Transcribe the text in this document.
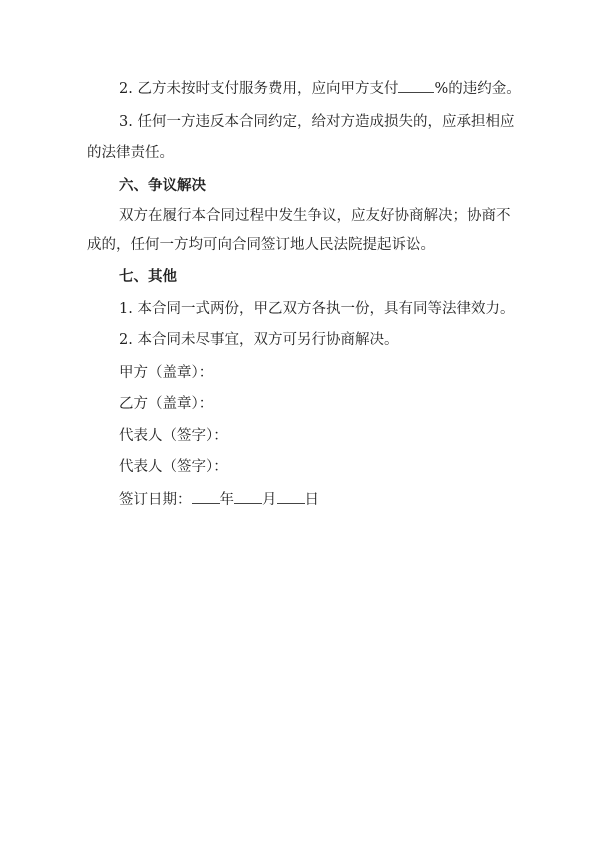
2. 乙方未按时支付服务费用，应向甲方支付 %的违约金。
3. 任何一方违反本合同约定，给对方造成损失的，应承担相应
的法律责任。
六、争议解决
双方在履行本合同过程中发生争议，应友好协商解决；协商不
成的，任何一方均可向合同签订地人民法院提起诉讼。
七、其他
1. 本合同一式两份，甲乙双方各执一份，具有同等法律效力。
2. 本合同未尽事宜，双方可另行协商解决。
甲方（盖章）：
乙方（盖章）：
代表人（签字）：
代表人（签字）：
签订日期： 年 月 日
